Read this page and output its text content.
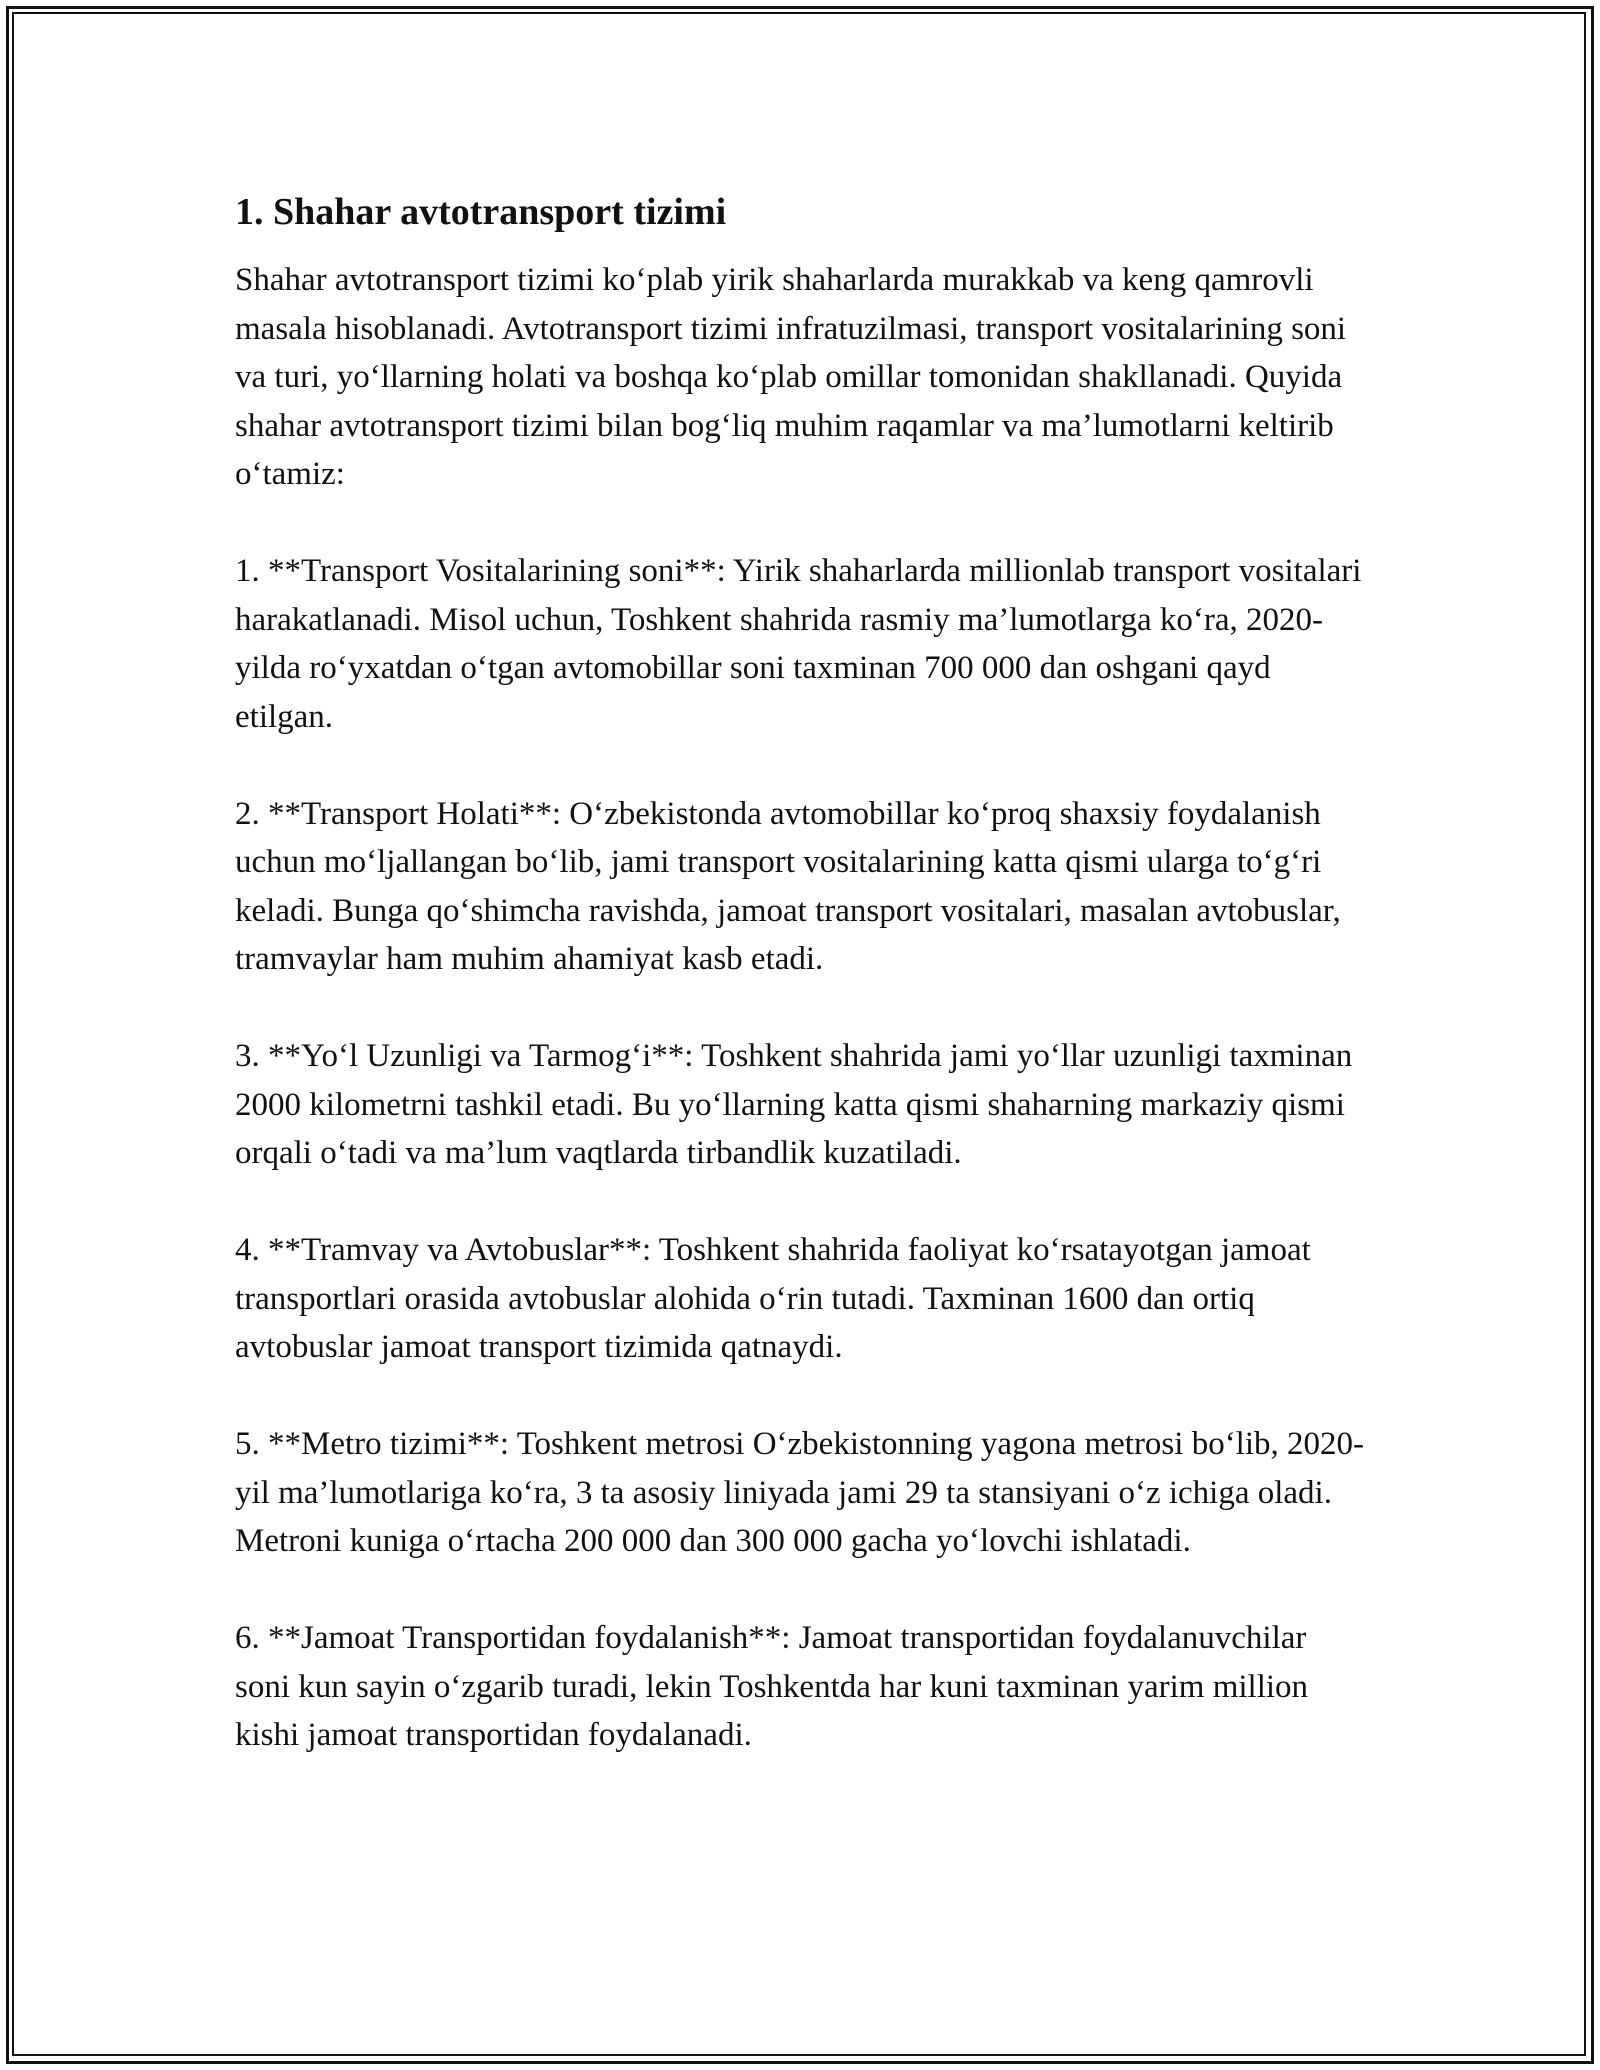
1. Shahar avtotransport tizimi

Shahar avtotransport tizimi ko‘plab yirik shaharlarda murakkab va keng qamrovli masala hisoblanadi. Avtotransport tizimi infratuzilmasi, transport vositalarining soni va turi, yo‘llarning holati va boshqa ko‘plab omillar tomonidan shakllanadi. Quyida shahar avtotransport tizimi bilan bog‘liq muhim raqamlar va ma’lumotlarni keltirib o‘tamiz:

1. **Transport Vositalarining soni**: Yirik shaharlarda millionlab transport vositalari harakatlanadi. Misol uchun, Toshkent shahrida rasmiy ma’lumotlarga ko‘ra, 2020-yilda ro‘yxatdan o‘tgan avtomobillar soni taxminan 700 000 dan oshgani qayd etilgan.

2. **Transport Holati**: O‘zbekistonda avtomobillar ko‘proq shaxsiy foydalanish uchun mo‘ljallangan bo‘lib, jami transport vositalarining katta qismi ularga to‘g‘ri keladi. Bunga qo‘shimcha ravishda, jamoat transport vositalari, masalan avtobuslar, tramvaylar ham muhim ahamiyat kasb etadi.

3. **Yo‘l Uzunligi va Tarmog‘i**: Toshkent shahrida jami yo‘llar uzunligi taxminan 2000 kilometrni tashkil etadi. Bu yo‘llarning katta qismi shaharning markaziy qismi orqali o‘tadi va ma’lum vaqtlarda tirbandlik kuzatiladi.

4. **Tramvay va Avtobuslar**: Toshkent shahrida faoliyat ko‘rsatayotgan jamoat transportlari orasida avtobuslar alohida o‘rin tutadi. Taxminan 1600 dan ortiq avtobuslar jamoat transport tizimida qatnaydi.

5. **Metro tizimi**: Toshkent metrosi O‘zbekistonning yagona metrosi bo‘lib, 2020-yil ma’lumotlariga ko‘ra, 3 ta asosiy liniyada jami 29 ta stansiyani o‘z ichiga oladi. Metroni kuniga o‘rtacha 200 000 dan 300 000 gacha yo‘lovchi ishlatadi.

6. **Jamoat Transportidan foydalanish**: Jamoat transportidan foydalanuvchilar soni kun sayin o‘zgarib turadi, lekin Toshkentda har kuni taxminan yarim million kishi jamoat transportidan foydalanadi.
